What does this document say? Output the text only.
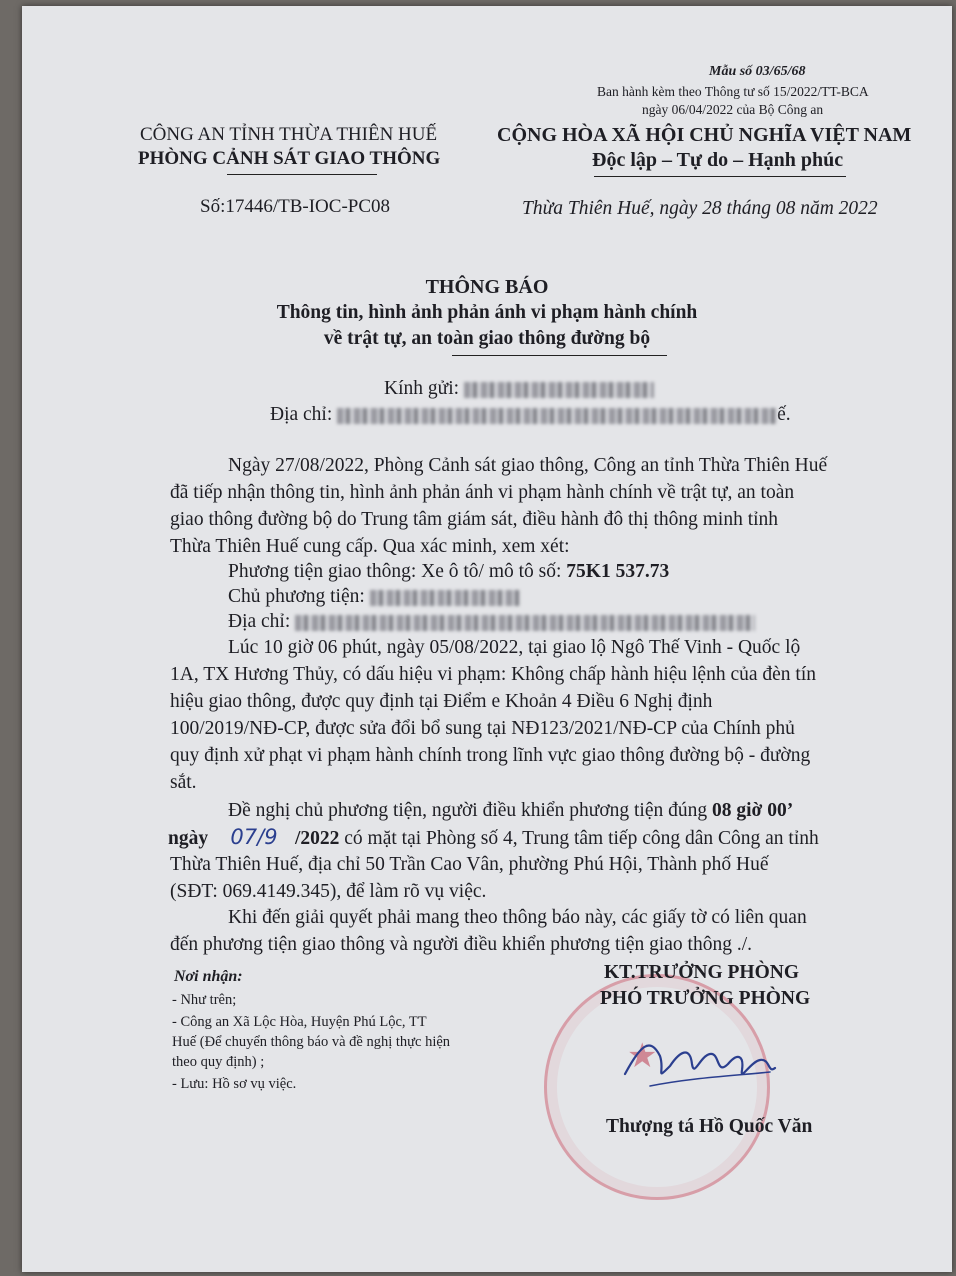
Mẫu số 03/65/68
Ban hành kèm theo Thông tư số 15/2022/TT-BCA
ngày 06/04/2022 của Bộ Công an
CÔNG AN TỈNH THỪA THIÊN HUẾ
PHÒNG CẢNH SÁT GIAO THÔNG
Số:17446/TB-IOC-PC08
CỘNG HÒA XÃ HỘI CHỦ NGHĨA VIỆT NAM
Độc lập – Tự do – Hạnh phúc
Thừa Thiên Huế, ngày 28 tháng 08 năm 2022
THÔNG BÁO
Thông tin, hình ảnh phản ánh vi phạm hành chính
về trật tự, an toàn giao thông đường bộ
Kính gửi:
Địa chỉ:	ế.
Ngày 27/08/2022, Phòng Cảnh sát giao thông, Công an tỉnh Thừa Thiên Huế
đã tiếp nhận thông tin, hình ảnh phản ánh vi phạm hành chính về trật tự, an toàn
giao thông đường bộ do Trung tâm giám sát, điều hành đô thị thông minh tỉnh
Thừa Thiên Huế cung cấp. Qua xác minh, xem xét:
Phương tiện giao thông: Xe ô tô/ mô tô số: 75K1 537.73
Chủ phương tiện:
Địa chỉ:
Lúc 10 giờ 06 phút, ngày 05/08/2022, tại giao lộ Ngô Thế Vinh - Quốc lộ
1A, TX Hương Thủy, có dấu hiệu vi phạm: Không chấp hành hiệu lệnh của đèn tín
hiệu giao thông, được quy định tại Điểm e Khoản 4 Điều 6 Nghị định
100/2019/NĐ-CP, được sửa đổi bổ sung tại NĐ123/2021/NĐ-CP của Chính phủ
quy định xử phạt vi phạm hành chính trong lĩnh vực giao thông đường bộ - đường
sắt.
Đề nghị chủ phương tiện, người điều khiển phương tiện đúng 08 giờ 00’
ngày 07/9 /2022 có mặt tại Phòng số 4, Trung tâm tiếp công dân Công an tỉnh
Thừa Thiên Huế, địa chỉ 50 Trần Cao Vân, phường Phú Hội, Thành phố Huế
(SĐT: 069.4149.345), để làm rõ vụ việc.
Khi đến giải quyết phải mang theo thông báo này, các giấy tờ có liên quan
đến phương tiện giao thông và người điều khiển phương tiện giao thông ./.
Nơi nhận:
- Như trên;
- Công an Xã Lộc Hòa, Huyện Phú Lộc, TT
Huế (Để chuyển thông báo và đề nghị thực hiện
theo quy định) ;
- Lưu: Hồ sơ vụ việc.
★
KT.TRƯỞNG PHÒNG
PHÓ TRƯỞNG PHÒNG
Thượng tá Hồ Quốc Văn
